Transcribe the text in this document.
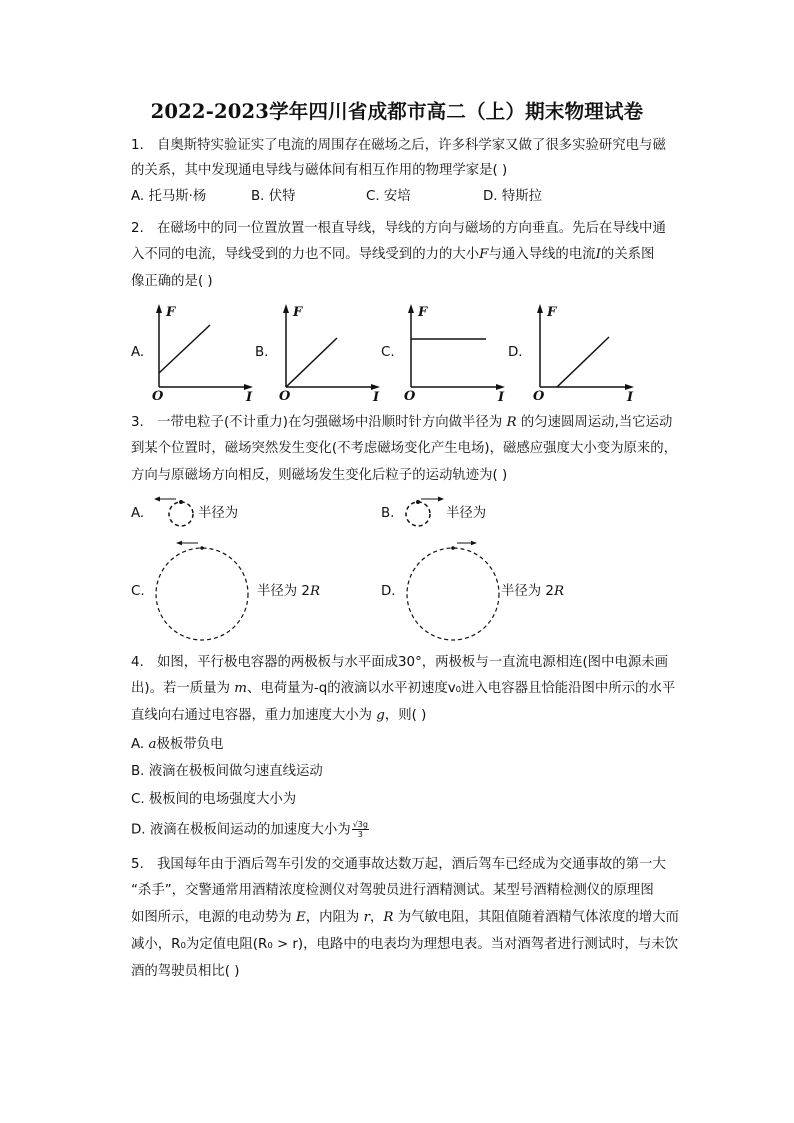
2022-2023学年四川省成都市高二（上）期末物理试卷
1. 自奥斯特实验证实了电流的周围存在磁场之后，许多科学家又做了很多实验研究电与磁
的关系，其中发现通电导线与磁体间有相互作用的物理学家是( )
A. 托马斯·杨	B. 伏特	C. 安培	D. 特斯拉
2. 在磁场中的同一位置放置一根直导线，导线的方向与磁场的方向垂直。先后在导线中通
入不同的电流，导线受到的力也不同。导线受到的力的大小F与通入导线的电流I的关系图
像正确的是( )
A.
F
O	I
B.
F
O	I
C.
F
O	I
D.
F
O	I
3. 一带电粒子(不计重力)在匀强磁场中沿顺时针方向做半径为 R 的匀速圆周运动,当它运动
到某个位置时，磁场突然发生变化(不考虑磁场变化产生电场)，磁感应强度大小变为原来的，
方向与原磁场方向相反，则磁场发生变化后粒子的运动轨迹为( )
A.	半径为	B.	半径为
C.	半径为 2R	D.	半径为 2R
4. 如图，平行极电容器的两极板与水平面成30°，两极板与一直流电源相连(图中电源未画
出)。若一质量为 m、电荷量为-q的液滴以水平初速度v₀进入电容器且恰能沿图中所示的水平
直线向右通过电容器，重力加速度大小为 g，则( )
A. a极板带负电
B. 液滴在极板间做匀速直线运动
C. 极板间的电场强度大小为
D. 液滴在极板间运动的加速度大小为 $\frac{√3g}{3}$
5. 我国每年由于酒后驾车引发的交通事故达数万起，酒后驾车已经成为交通事故的第一大
“杀手”，交警通常用酒精浓度检测仪对驾驶员进行酒精测试。某型号酒精检测仪的原理图
如图所示，电源的电动势为 E，内阻为 r，R 为气敏电阻，其阻值随着酒精气体浓度的增大而
减小，R₀为定值电阻(R₀ > r)，电路中的电表均为理想电表。当对酒驾者进行测试时，与未饮
酒的驾驶员相比( )
